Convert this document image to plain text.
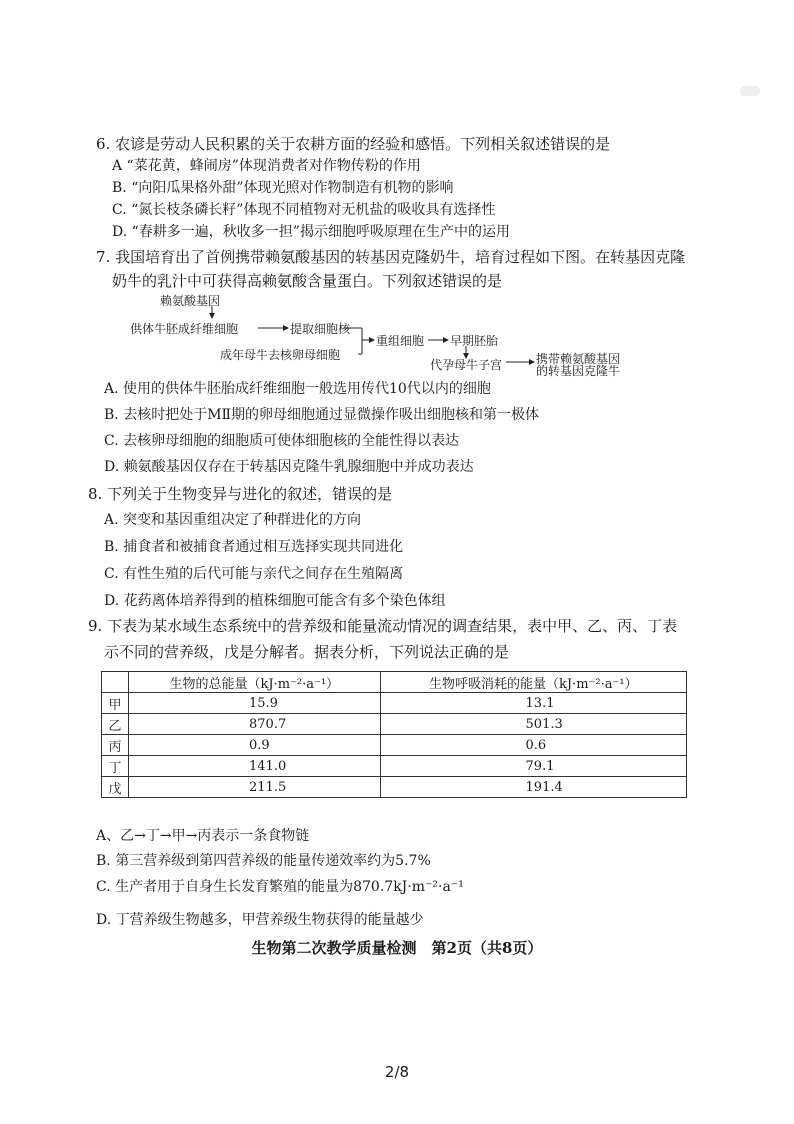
6. 农谚是劳动人民积累的关于农耕方面的经验和感悟。下列相关叙述错误的是
A “菜花黄，蜂闹房”体现消费者对作物传粉的作用
B. “向阳瓜果格外甜”体现光照对作物制造有机物的影响
C. “氮长枝条磷长籽”体现不同植物对无机盐的吸收具有选择性
D. “春耕多一遍，秋收多一担”揭示细胞呼吸原理在生产中的运用
7. 我国培育出了首例携带赖氨酸基因的转基因克隆奶牛，培育过程如下图。在转基因克隆
奶牛的乳汁中可获得高赖氨酸含量蛋白。下列叙述错误的是
赖氨酸基因
供体牛胚成纤维细胞	提取细胞核
成年母牛去核卵母细胞
重组细胞 早期胚胎
代孕母牛子宫	携带赖氨酸基因
的转基因克隆牛
A. 使用的供体牛胚胎成纤维细胞一般选用传代10代以内的细胞
B. 去核时把处于MⅡ期的卵母细胞通过显微操作吸出细胞核和第一极体
C. 去核卵母细胞的细胞质可使体细胞核的全能性得以表达
D. 赖氨酸基因仅存在于转基因克隆牛乳腺细胞中并成功表达
8. 下列关于生物变异与进化的叙述，错误的是
A. 突变和基因重组决定了种群进化的方向
B. 捕食者和被捕食者通过相互选择实现共同进化
C. 有性生殖的后代可能与亲代之间存在生殖隔离
D. 花药离体培养得到的植株细胞可能含有多个染色体组
9. 下表为某水域生态系统中的营养级和能量流动情况的调查结果，表中甲、乙、丙、丁表
示不同的营养级，戊是分解者。据表分析，下列说法正确的是
	生物的总能量（kJ·m⁻²·a⁻¹）	生物呼吸消耗的能量（kJ·m⁻²·a⁻¹）
甲	15.9	13.1
乙	870.7	501.3
丙	0.9	0.6
丁	141.0	79.1
戊	211.5	191.4
A、乙→丁→甲→丙表示一条食物链
B. 第三营养级到第四营养级的能量传递效率约为5.7%
C. 生产者用于自身生长发育繁殖的能量为870.7kJ·m⁻²·a⁻¹
D. 丁营养级生物越多，甲营养级生物获得的能量越少
生物第二次教学质量检测　第2页（共8页）
2/8
